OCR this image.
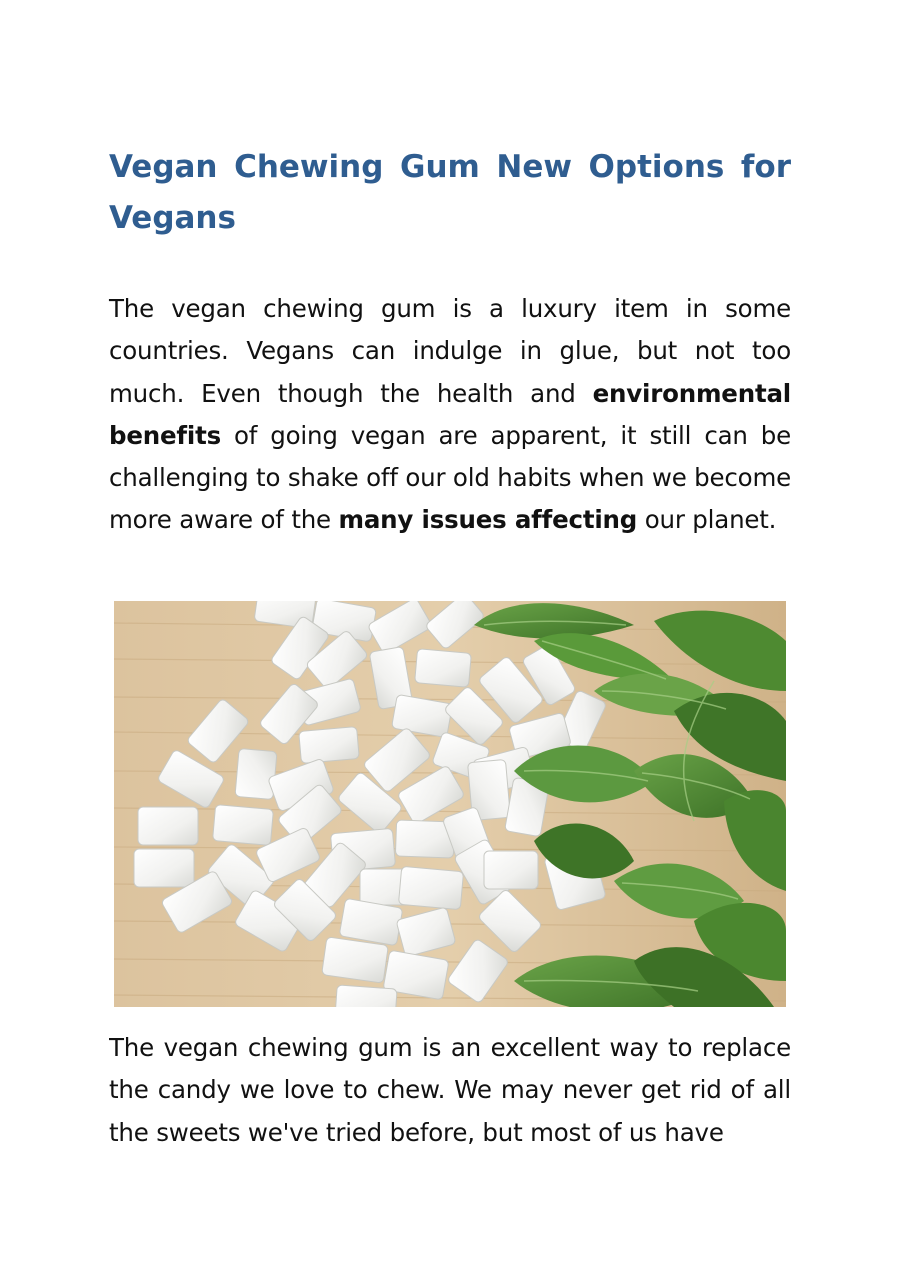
Vegan Chewing Gum New Options for Vegans

The vegan chewing gum is a luxury item in some countries. Vegans can indulge in glue, but not too much. Even though the health and environmental benefits of going vegan are apparent, it still can be challenging to shake off our old habits when we become more aware of the many issues affecting our planet.

The vegan chewing gum is an excellent way to replace the candy we love to chew. We may never get rid of all the sweets we've tried before, but most of us have
